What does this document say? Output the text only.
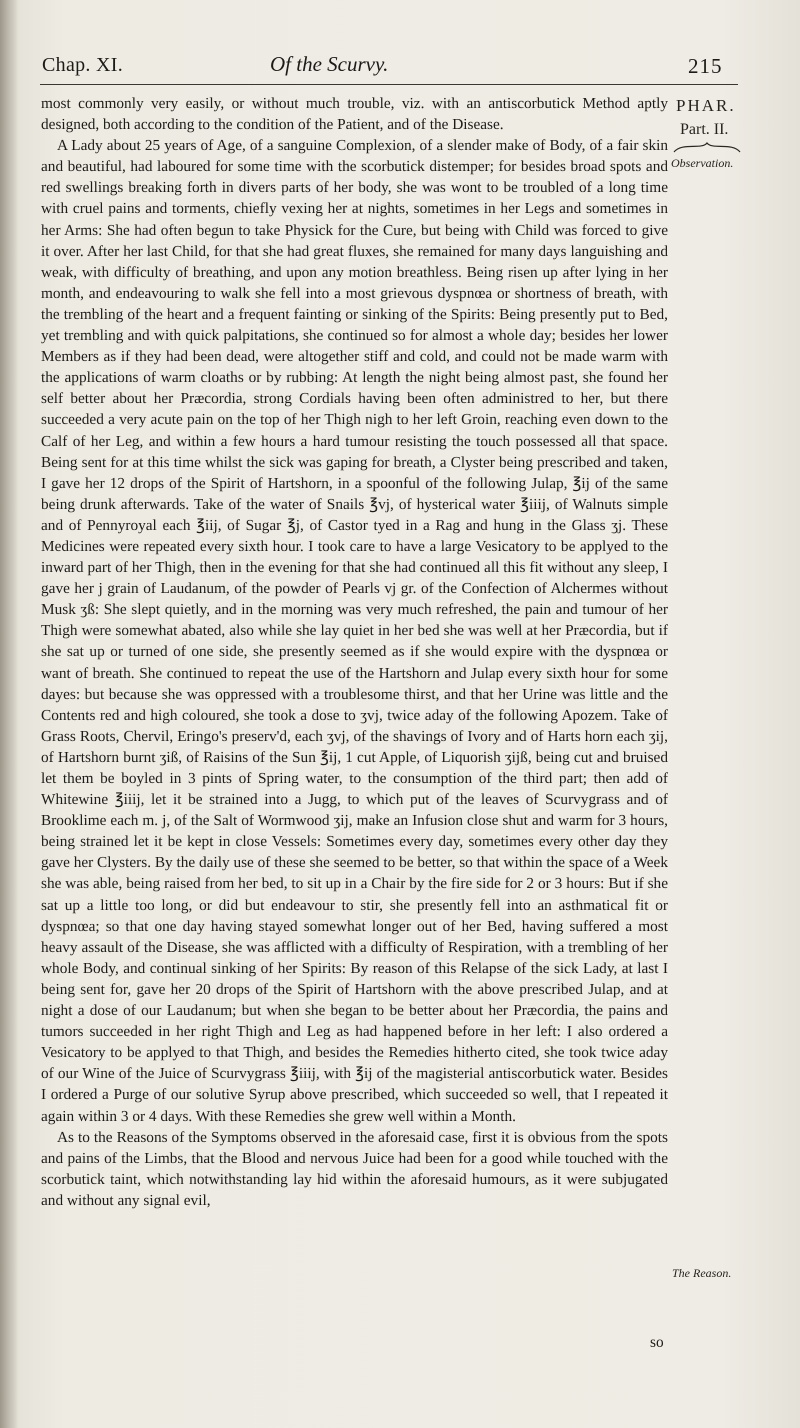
Chap. XI.	Of the Scurvy.	215

most commonly very easily, or without much trouble, viz. with an antiscorbutick Method aptly designed, both according to the condition of the Patient, and of the Disease.

A Lady about 25 years of Age, of a sanguine Complexion, of a slender make of Body, of a fair skin and beautiful, had laboured for some time with the scorbutick distemper; for besides broad spots and red swellings breaking forth in divers parts of her body, she was wont to be troubled of a long time with cruel pains and torments, chiefly vexing her at nights, sometimes in her Legs and sometimes in her Arms: She had often begun to take Physick for the Cure, but being with Child was forced to give it over. After her last Child, for that she had great fluxes, she remained for many days languishing and weak, with difficulty of breathing, and upon any motion breathless. Being risen up after lying in her month, and endeavouring to walk she fell into a most grievous dyspnœa or shortness of breath, with the trembling of the heart and a frequent fainting or sinking of the Spirits: Being presently put to Bed, yet trembling and with quick palpitations, she continued so for almost a whole day; besides her lower Members as if they had been dead, were altogether stiff and cold, and could not be made warm with the applications of warm cloaths or by rubbing: At length the night being almost past, she found her self better about her Præcordia, strong Cordials having been often administred to her, but there succeeded a very acute pain on the top of her Thigh nigh to her left Groin, reaching even down to the Calf of her Leg, and within a few hours a hard tumour resisting the touch possessed all that space. Being sent for at this time whilst the sick was gaping for breath, a Clyster being prescribed and taken, I gave her 12 drops of the Spirit of Hartshorn, in a spoonful of the following Julap, ℥ij of the same being drunk afterwards. Take of the water of Snails ℥vj, of hysterical water ℥iiij, of Walnuts simple and of Pennyroyal each ℥iij, of Sugar ℥j, of Castor tyed in a Rag and hung in the Glass ʒj. These Medicines were repeated every sixth hour. I took care to have a large Vesicatory to be applyed to the inward part of her Thigh, then in the evening for that she had continued all this fit without any sleep, I gave her j grain of Laudanum, of the powder of Pearls vj gr. of the Confection of Alchermes without Musk ʒß: She slept quietly, and in the morning was very much refreshed, the pain and tumour of her Thigh were somewhat abated, also while she lay quiet in her bed she was well at her Præcordia, but if she sat up or turned of one side, she presently seemed as if she would expire with the dyspnœa or want of breath. She continued to repeat the use of the Hartshorn and Julap every sixth hour for some dayes: but because she was oppressed with a troublesome thirst, and that her Urine was little and the Contents red and high coloured, she took a dose to ʒvj, twice aday of the following Apozem. Take of Grass Roots, Chervil, Eringo's preserv'd, each ʒvj, of the shavings of Ivory and of Harts horn each ʒij, of Hartshorn burnt ʒiß, of Raisins of the Sun ℥ij, 1 cut Apple, of Liquorish ʒijß, being cut and bruised let them be boyled in 3 pints of Spring water, to the consumption of the third part; then add of Whitewine ℥iiij, let it be strained into a Jugg, to which put of the leaves of Scurvygrass and of Brooklime each m. j, of the Salt of Wormwood ʒij, make an Infusion close shut and warm for 3 hours, being strained let it be kept in close Vessels: Sometimes every day, sometimes every other day they gave her Clysters. By the daily use of these she seemed to be better, so that within the space of a Week she was able, being raised from her bed, to sit up in a Chair by the fire side for 2 or 3 hours: But if she sat up a little too long, or did but endeavour to stir, she presently fell into an asthmatical fit or dyspnœa; so that one day having stayed somewhat longer out of her Bed, having suffered a most heavy assault of the Disease, she was afflicted with a difficulty of Respiration, with a trembling of her whole Body, and continual sinking of her Spirits: By reason of this Relapse of the sick Lady, at last I being sent for, gave her 20 drops of the Spirit of Hartshorn with the above prescribed Julap, and at night a dose of our Laudanum; but when she began to be better about her Præcordia, the pains and tumors succeeded in her right Thigh and Leg as had happened before in her left: I also ordered a Vesicatory to be applyed to that Thigh, and besides the Remedies hitherto cited, she took twice aday of our Wine of the Juice of Scurvygrass ℥iiij, with ℥ij of the magisterial antiscorbutick water. Besides I ordered a Purge of our solutive Syrup above prescribed, which succeeded so well, that I repeated it again within 3 or 4 days. With these Remedies she grew well within a Month.

As to the Reasons of the Symptoms observed in the aforesaid case, first it is obvious from the spots and pains of the Limbs, that the Blood and nervous Juice had been for a good while touched with the scorbutick taint, which notwithstanding lay hid within the aforesaid humours, as it were subjugated and without any signal evil,

so
PHAR.
Part. II.
Observation.
The Reason.
